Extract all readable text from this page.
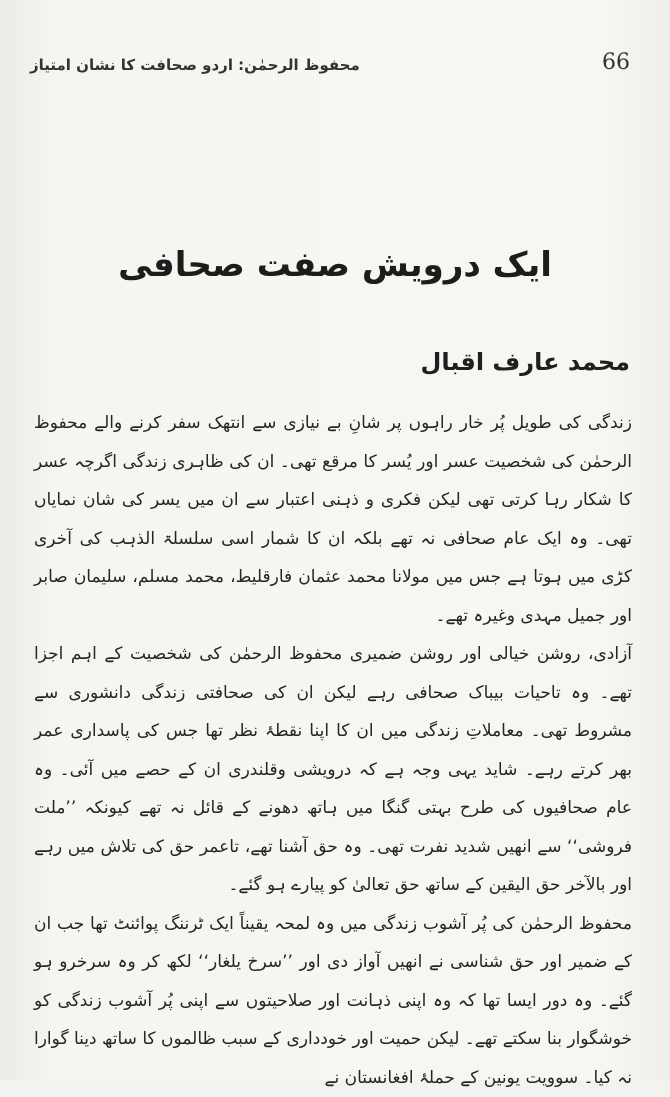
محفوظ الرحمٰن: اردو صحافت کا نشان امتیاز	66
ایک درویش صفت صحافی
محمد عارف اقبال

زندگی کی طویل پُر خار راہوں پر شانِ بے نیازی سے انتھک سفر کرنے والے محفوظ الرحمٰن کی شخصیت عسر اور یُسر کا مرقع تھی۔ ان کی ظاہری زندگی اگرچہ عسر کا شکار رہا کرتی تھی لیکن فکری و ذہنی اعتبار سے ان میں یسر کی شان نمایاں تھی۔ وہ ایک عام صحافی نہ تھے بلکہ ان کا شمار اسی سلسلۃ الذہب کی آخری کڑی میں ہوتا ہے جس میں مولانا محمد عثمان فارقلیط، محمد مسلم، سلیمان صابر اور جمیل مہدی وغیرہ تھے۔

آزادی، روشن خیالی اور روشن ضمیری محفوظ الرحمٰن کی شخصیت کے اہم اجزا تھے۔ وہ تاحیات بیباک صحافی رہے لیکن ان کی صحافتی زندگی دانشوری سے مشروط تھی۔ معاملاتِ زندگی میں ان کا اپنا نقطۂ نظر تھا جس کی پاسداری عمر بھر کرتے رہے۔ شاید یہی وجہ ہے کہ درویشی وقلندری ان کے حصے میں آئی۔ وہ عام صحافیوں کی طرح بہتی گنگا میں ہاتھ دھونے کے قائل نہ تھے کیونکہ ’’ملت فروشی‘‘ سے انھیں شدید نفرت تھی۔ وہ حق آشنا تھے، تاعمر حق کی تلاش میں رہے اور بالآخر حق الیقین کے ساتھ حق تعالیٰ کو پیارے ہو گئے۔

محفوظ الرحمٰن کی پُر آشوب زندگی میں وہ لمحہ یقیناً ایک ٹرننگ پوائنٹ تھا جب ان کے ضمیر اور حق شناسی نے انھیں آواز دی اور ’’سرخ یلغار‘‘ لکھ کر وہ سرخرو ہو گئے۔ وہ دور ایسا تھا کہ وہ اپنی ذہانت اور صلاحیتوں سے اپنی پُر آشوب زندگی کو خوشگوار بنا سکتے تھے۔ لیکن حمیت اور خودداری کے سبب ظالموں کا ساتھ دینا گوارا نہ کیا۔ سوویت یونین کے حملۂ افغانستان نے
